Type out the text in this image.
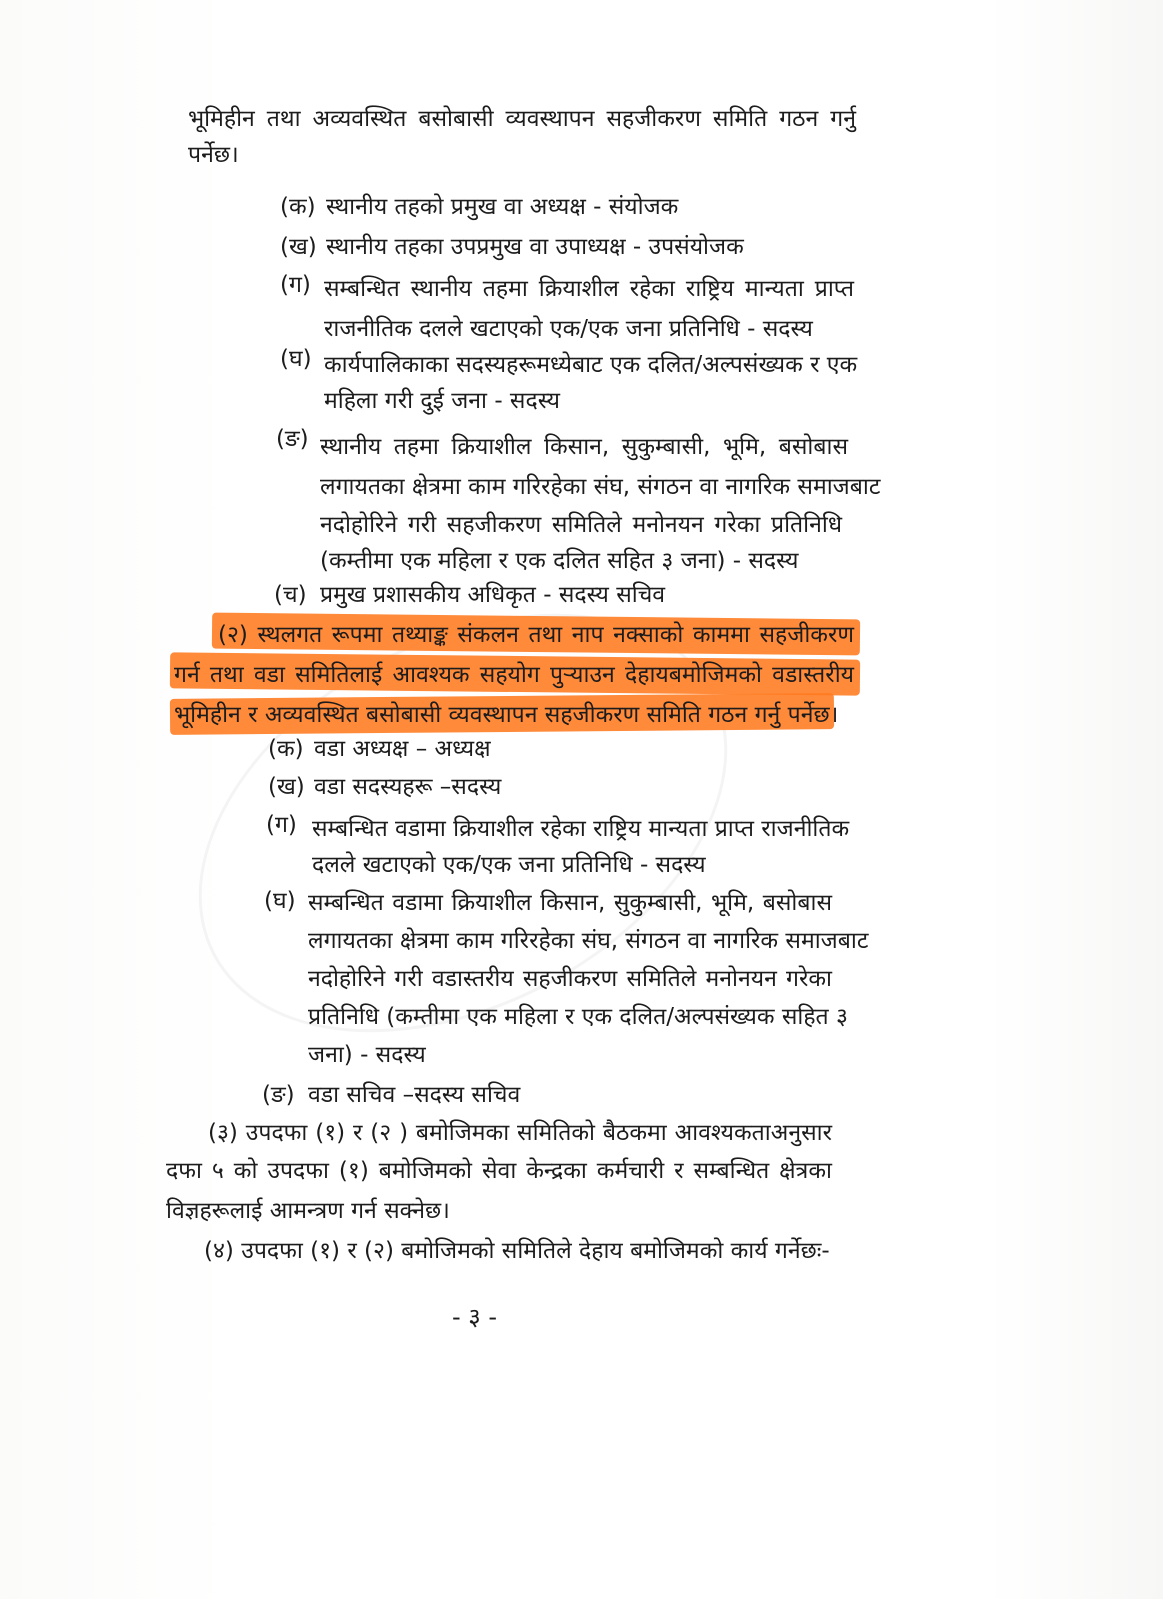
भूमिहीन तथा अव्यवस्थित बसोबासी व्यवस्थापन सहजीकरण समिति गठन गर्नु
पर्नेछ।
(क) स्थानीय तहको प्रमुख वा अध्यक्ष - संयोजक
(ख) स्थानीय तहका उपप्रमुख वा उपाध्यक्ष - उपसंयोजक
(ग) सम्बन्धित स्थानीय तहमा क्रियाशील रहेका राष्ट्रिय मान्यता प्राप्त
राजनीतिक दलले खटाएको एक/एक जना प्रतिनिधि - सदस्य
(घ) कार्यपालिकाका सदस्यहरूमध्येबाट एक दलित/अल्पसंख्यक र एक
महिला गरी दुई जना - सदस्य
(ङ) स्थानीय तहमा क्रियाशील किसान, सुकुम्बासी, भूमि, बसोबास
लगायतका क्षेत्रमा काम गरिरहेका संघ, संगठन वा नागरिक समाजबाट
नदोहोरिने गरी सहजीकरण समितिले मनोनयन गरेका प्रतिनिधि
(कम्तीमा एक महिला र एक दलित सहित ३ जना) - सदस्य
(च) प्रमुख प्रशासकीय अधिकृत - सदस्य सचिव
(२) स्थलगत रूपमा तथ्याङ्क संकलन तथा नाप नक्साको काममा सहजीकरण
गर्न तथा वडा समितिलाई आवश्यक सहयोग पुर्‍याउन देहायबमोजिमको वडास्तरीय
भूमिहीन र अव्यवस्थित बसोबासी व्यवस्थापन सहजीकरण समिति गठन गर्नु पर्नेछ।
(क) वडा अध्यक्ष – अध्यक्ष
(ख) वडा सदस्यहरू –सदस्य
(ग) सम्बन्धित वडामा क्रियाशील रहेका राष्ट्रिय मान्यता प्राप्त राजनीतिक
दलले खटाएको एक/एक जना प्रतिनिधि - सदस्य
(घ) सम्बन्धित वडामा क्रियाशील किसान, सुकुम्बासी, भूमि, बसोबास
लगायतका क्षेत्रमा काम गरिरहेका संघ, संगठन वा नागरिक समाजबाट
नदोहोरिने गरी वडास्तरीय सहजीकरण समितिले मनोनयन गरेका
प्रतिनिधि (कम्तीमा एक महिला र एक दलित/अल्पसंख्यक सहित ३
जना) - सदस्य
(ङ) वडा सचिव –सदस्य सचिव
(३) उपदफा (१) र (२ ) बमोजिमका समितिको बैठकमा आवश्यकताअनुसार
दफा ५ को उपदफा (१) बमोजिमको सेवा केन्द्रका कर्मचारी र सम्बन्धित क्षेत्रका
विज्ञहरूलाई आमन्त्रण गर्न सक्नेछ।
(४) उपदफा (१) र (२) बमोजिमको समितिले देहाय बमोजिमको कार्य गर्नेछः-
- ३ -
